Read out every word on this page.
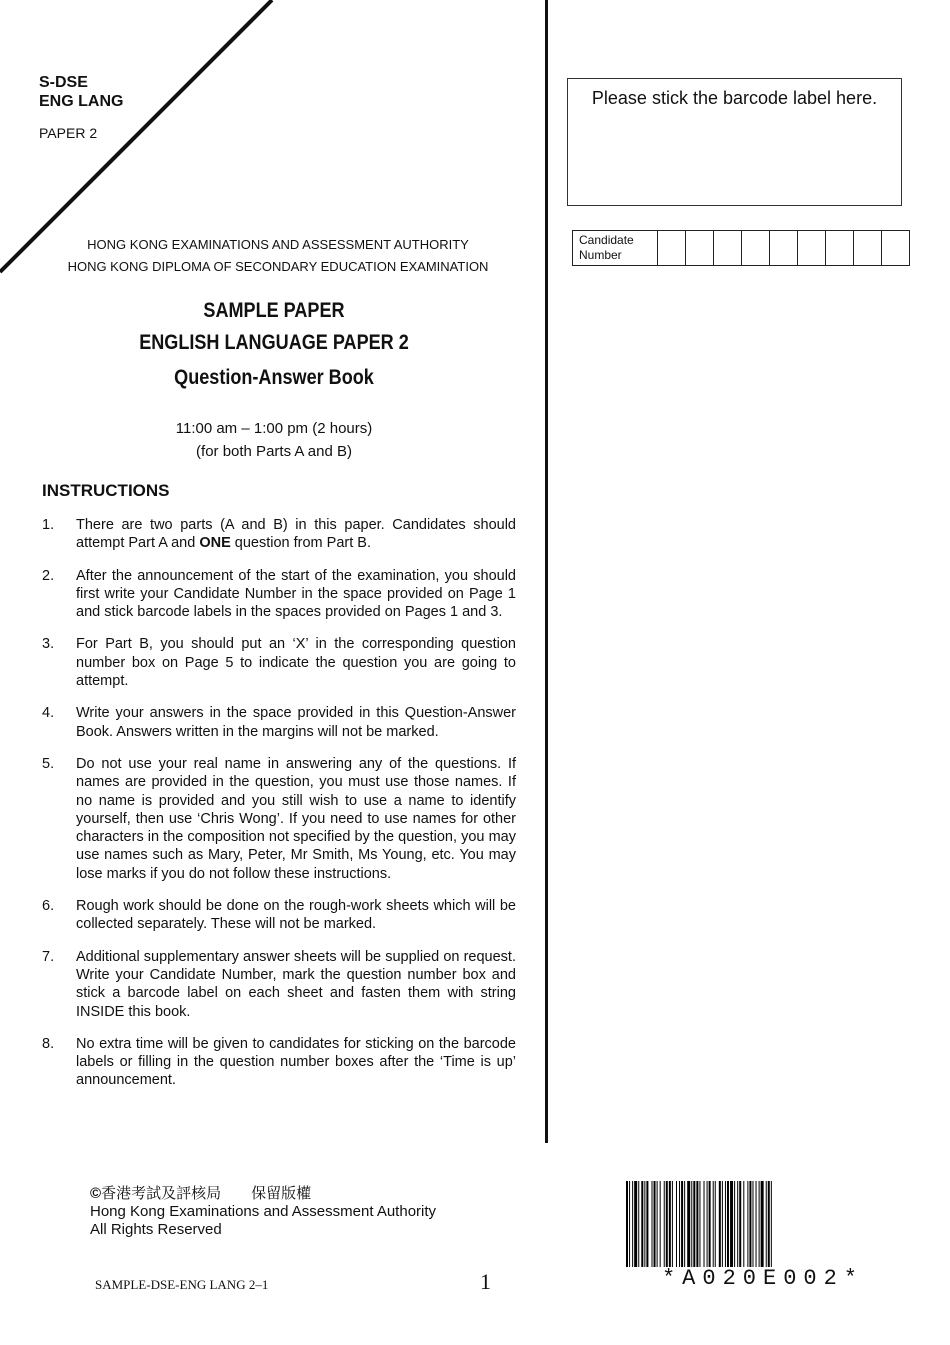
S-DSE
ENG LANG
PAPER 2
HONG KONG EXAMINATIONS AND ASSESSMENT AUTHORITY
HONG KONG DIPLOMA OF SECONDARY EDUCATION EXAMINATION
SAMPLE PAPER
ENGLISH LANGUAGE PAPER 2
Question-Answer Book
11:00 am – 1:00 pm (2 hours)
(for both Parts A and B)
INSTRUCTIONS
1.	There are two parts (A and B) in this paper. Candidates should attempt Part A and ONE question from Part B.
2.	After the announcement of the start of the examination, you should first write your Candidate Number in the space provided on Page 1 and stick barcode labels in the spaces provided on Pages 1 and 3.
3.	For Part B, you should put an ‘X’ in the corresponding question number box on Page 5 to indicate the question you are going to attempt.
4.	Write your answers in the space provided in this Question-Answer Book. Answers written in the margins will not be marked.
5.	Do not use your real name in answering any of the questions. If names are provided in the question, you must use those names. If no name is provided and you still wish to use a name to identify yourself, then use ‘Chris Wong’. If you need to use names for other characters in the composition not specified by the question, you may use names such as Mary, Peter, Mr Smith, Ms Young, etc. You may lose marks if you do not follow these instructions.
6.	Rough work should be done on the rough-work sheets which will be collected separately. These will not be marked.
7.	Additional supplementary answer sheets will be supplied on request. Write your Candidate Number, mark the question number box and stick a barcode label on each sheet and fasten them with string INSIDE this book.
8.	No extra time will be given to candidates for sticking on the barcode labels or filling in the question number boxes after the ‘Time is up’ announcement.
Please stick the barcode label here.
Candidate
Number									
©香港考試及評核局 保留版權
Hong Kong Examinations and Assessment Authority
All Rights Reserved
SAMPLE-DSE-ENG LANG 2–1	1	*A020E002*
